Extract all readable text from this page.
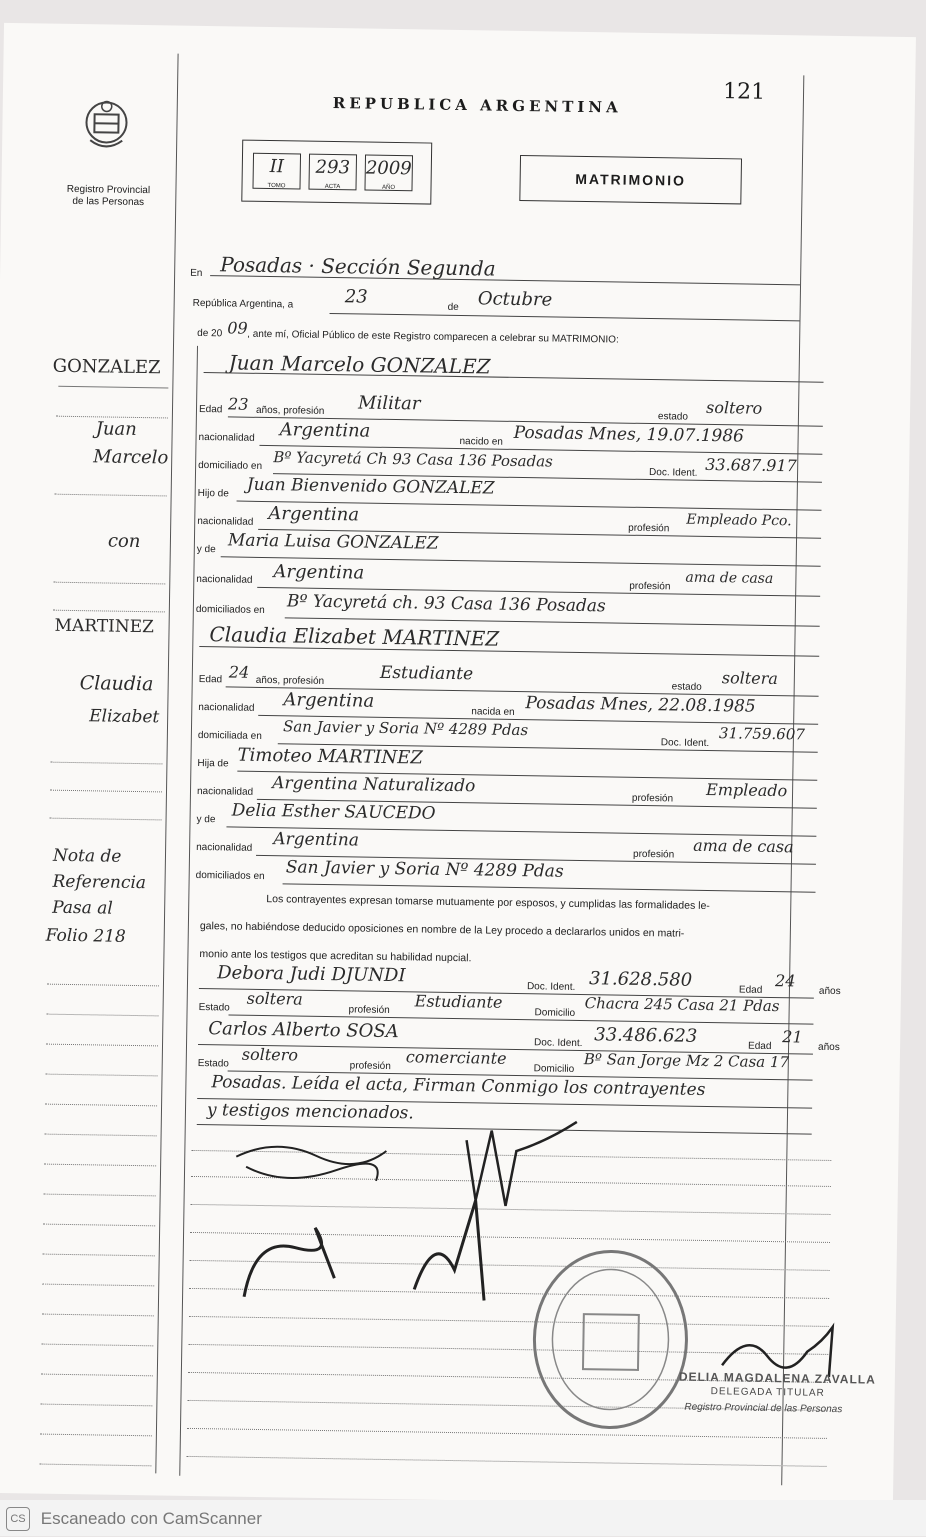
Registro Provincial
de las Personas
REPUBLICA ARGENTINA
121
II
TOMO
293
ACTA
2009
AÑO	MATRIMONIO
En Posadas · Sección Segunda
República Argentina, a	23	de Octubre
de 20 09 , ante mí, Oficial Público de este Registro comparecen a celebrar su MATRIMONIO:
Juan Marcelo GONZALEZ
Edad 23 años, profesión Militar
estado soltero
nacionalidad Argentina
nacido en Posadas Mnes, 19.07.1986
domiciliado en Bº Yacyretá Ch 93 Casa 136 Posadas
Doc. Ident. 33.687.917
Hijo de Juan Bienvenido GONZALEZ
nacionalidad Argentina
profesión Empleado Pco.
y de Maria Luisa GONZALEZ
nacionalidad Argentina
profesión ama de casa
domiciliados en Bº Yacyretá ch. 93 Casa 136 Posadas
Claudia Elizabet MARTINEZ
Edad 24 años, profesión	Estudiante
estado soltera
nacionalidad Argentina
nacida en Posadas Mnes, 22.08.1985
domiciliada en San Javier y Soria Nº 4289 Pdas
Doc. Ident. 31.759.607
Hija de Timoteo MARTINEZ
nacionalidad Argentina Naturalizado
profesión Empleado
y de Delia Esther SAUCEDO
nacionalidad Argentina
profesión ama de casa
domiciliados en San Javier y Soria Nº 4289 Pdas
Los contrayentes expresan tomarse mutuamente por esposos, y cumplidas las formalidades le-
gales, no habiéndose deducido oposiciones en nombre de la Ley procedo a declararlos unidos en matri-
monio ante los testigos que acreditan su habilidad nupcial.
Debora Judi DJUNDI
Doc. Ident. 31.628.580	Edad 24
años
Estado soltera
profesión Estudiante
Domicilio Chacra 245 Casa 21 Pdas
Carlos Alberto SOSA
Doc. Ident. 33.486.623	Edad 21
años
Estado soltero
profesión comerciante
Domicilio Bº San Jorge Mz 2 Casa 17
Posadas. Leída el acta, Firman Conmigo los contrayentes
y testigos mencionados.
GONZALEZ
Juan
Marcelo
con
MARTINEZ
Claudia
Elizabet
Nota de
Referencia
Pasa al
Folio 218
DELIA MAGDALENA ZAVALLA
DELEGADA TITULAR
Registro Provincial de las Personas
CS Escaneado con CamScanner
